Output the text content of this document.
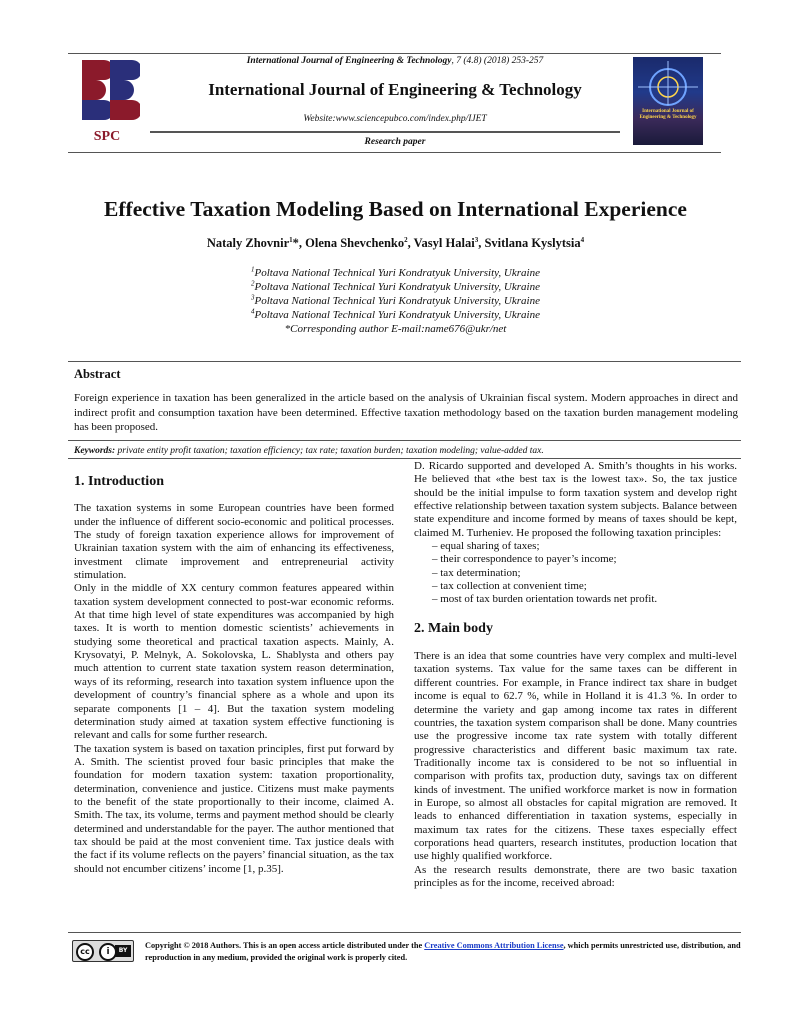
International Journal of Engineering & Technology, 7 (4.8) (2018) 253-257
SPC
International Journal of Engineering & Technology
Website:www.sciencepubco.com/index.php/IJET
Research paper
International Journal of Engineering & Technology
Effective Taxation Modeling Based on International Experience
Nataly Zhovnir$^1$*, Olena Shevchenko$^2$, Vasyl Halai$^3$, Svitlana Kyslytsia$^4$
$^1$Poltava National Technical Yuri Kondratyuk University, Ukraine
$^2$Poltava National Technical Yuri Kondratyuk University, Ukraine
$^3$Poltava National Technical Yuri Kondratyuk University, Ukraine
$^4$Poltava National Technical Yuri Kondratyuk University, Ukraine
*Corresponding author E-mail:name676@ukr/net
Abstract
Foreign experience in taxation has been generalized in the article based on the analysis of Ukrainian fiscal system. Modern approaches in direct and indirect profit and consumption taxation have been determined. Effective taxation methodology based on the taxation burden management modeling has been proposed.
Keywords: private entity profit taxation; taxation efficiency; tax rate; taxation burden; taxation modeling; value-added tax.
1. Introduction

The taxation systems in some European countries have been formed under the influence of different socio-economic and political processes. The study of foreign taxation experience allows for improvement of Ukrainian taxation system with the aim of enhancing its effectiveness, investment climate improvement and entrepreneurial activity stimulation.

Only in the middle of XX century common features appeared within taxation system development connected to post-war economic reforms. At that time high level of state expenditures was accompanied by high taxes. It is worth to mention domestic scientists’ achievements in studying some theoretical and practical taxation aspects. Mainly, A. Krysovatyi, P. Melnyk, A. Sokolovska, L. Shablysta and others pay much attention to current state taxation system reason determination, ways of its reforming, research into taxation system influence upon the development of country’s financial sphere as a whole and upon its separate components [1 – 4]. But the taxation system modeling determination study aimed at taxation system effective functioning is relevant and calls for some further research.

The taxation system is based on taxation principles, first put forward by A. Smith. The scientist proved four basic principles that make the foundation for modern taxation system: taxation proportionality, determination, convenience and justice. Citizens must make payments to the benefit of the state proportionally to their income, claimed A. Smith. The tax, its volume, terms and payment method should be clearly determined and understandable for the payer. The author mentioned that tax should be paid at the most convenient time. Tax justice deals with the fact if its volume reflects on the payers’ financial situation, as the tax should not encumber citizens’ income [1, p.35].

D. Ricardo supported and developed A. Smith’s thoughts in his works. He believed that «the best tax is the lowest tax». So, the tax justice should be the initial impulse to form taxation system and develop right effective relationship between taxation system subjects. Balance between state expenditure and income formed by means of taxes should be kept, claimed M. Turheniev. He proposed the following taxation principles:

– equal sharing of taxes;
– their correspondence to payer’s income;
– tax determination;
– tax collection at convenient time;
– most of tax burden orientation towards net profit.
2. Main body

There is an idea that some countries have very complex and multi-level taxation systems. Tax value for the same taxes can be different in different countries. For example, in France indirect tax share in budget income is equal to 62.7 %, while in Holland it is 41.3 %. In order to determine the variety and gap among income tax rates in different countries, the taxation system comparison shall be done. Many countries use the progressive income tax rate system with totally different progressive characteristics and different basic maximum tax rate. Traditionally income tax is considered to be not so influential in comparison with profits tax, production duty, savings tax on different kinds of investment. The unified workforce market is now in formation in Europe, so almost all obstacles for capital migration are removed. It leads to enhanced differentiation in taxation systems, especially in maximum tax rates for the citizens. These taxes especially effect corporations head quarters, research institutes, production location that use highly qualified workforce.

As the research results demonstrate, there are two basic taxation principles as for the income, received abroad:

cc	i	BY
Copyright © 2018 Authors. This is an open access article distributed under the Creative Commons Attribution License, which permits unrestricted use, distribution, and reproduction in any medium, provided the original work is properly cited.
